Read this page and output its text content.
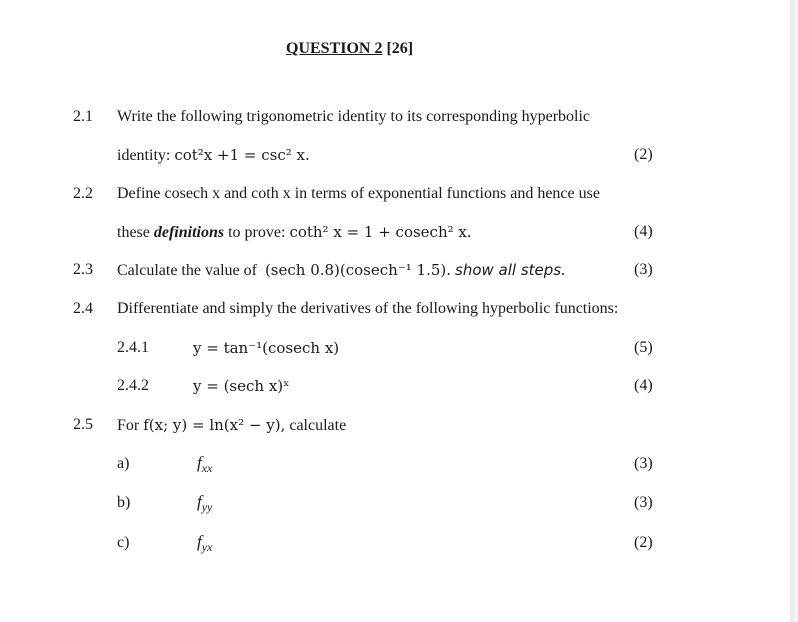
QUESTION 2 [26]
2.1 Write the following trigonometric identity to its corresponding hyperbolic
identity: cot²x +1 = csc² x.	(2)
2.2 Define cosech x and coth x in terms of exponential functions and hence use
these definitions to prove: coth² x = 1 + cosech² x.	(4)
2.3 Calculate the value of (sech 0.8)(cosech⁻¹ 1.5). show all steps.	(3)
2.4 Differentiate and simply the derivatives of the following hyperbolic functions:
2.4.1	y = tan⁻¹(cosech x)	(5)
2.4.2	y = (sech x)ˣ	(4)
2.5 For f(x; y) = ln(x² − y), calculate
a)	$f_{xx}$	(3)
b)	$f_{yy}$	(3)
c)	$f_{yx}$	(2)
